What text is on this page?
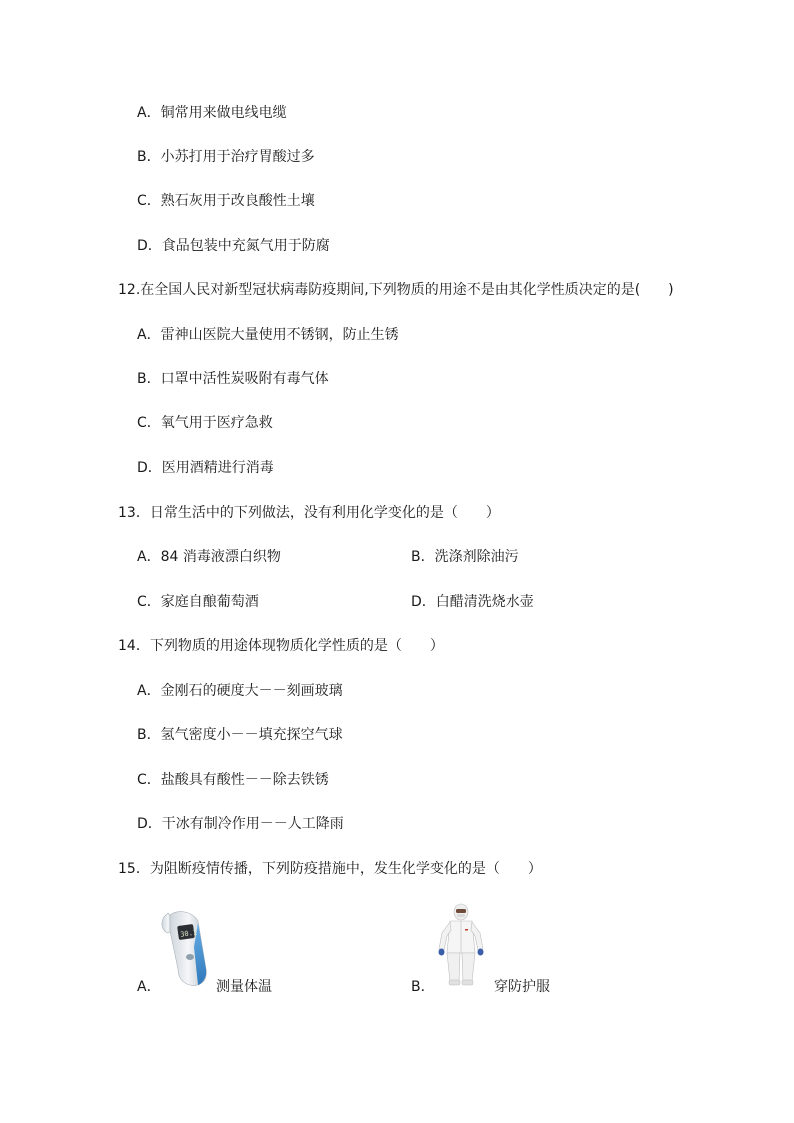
A．铜常用来做电线电缆
B．小苏打用于治疗胃酸过多
C．熟石灰用于改良酸性土壤
D．食品包装中充氮气用于防腐
12.在全国人民对新型冠状病毒防疫期间,下列物质的用途不是由其化学性质决定的是(　　)
A．雷神山医院大量使用不锈钢，防止生锈
B．口罩中活性炭吸附有毒气体
C．氧气用于医疗急救
D．医用酒精进行消毒
13．日常生活中的下列做法，没有利用化学变化的是（　　）
A．84 消毒液漂白织物	B．洗涤剂除油污
C．家庭自酿葡萄酒	D．白醋清洗烧水壶
14．下列物质的用途体现物质化学性质的是（　　）
A．金刚石的硬度大－－刻画玻璃
B．氢气密度小－－填充探空气球
C．盐酸具有酸性－－除去铁锈
D．干冰有制冷作用－－人工降雨
15．为阻断疫情传播，下列防疫措施中，发生化学变化的是（　　）
A．
30.1
测量体温	B．	穿防护服
